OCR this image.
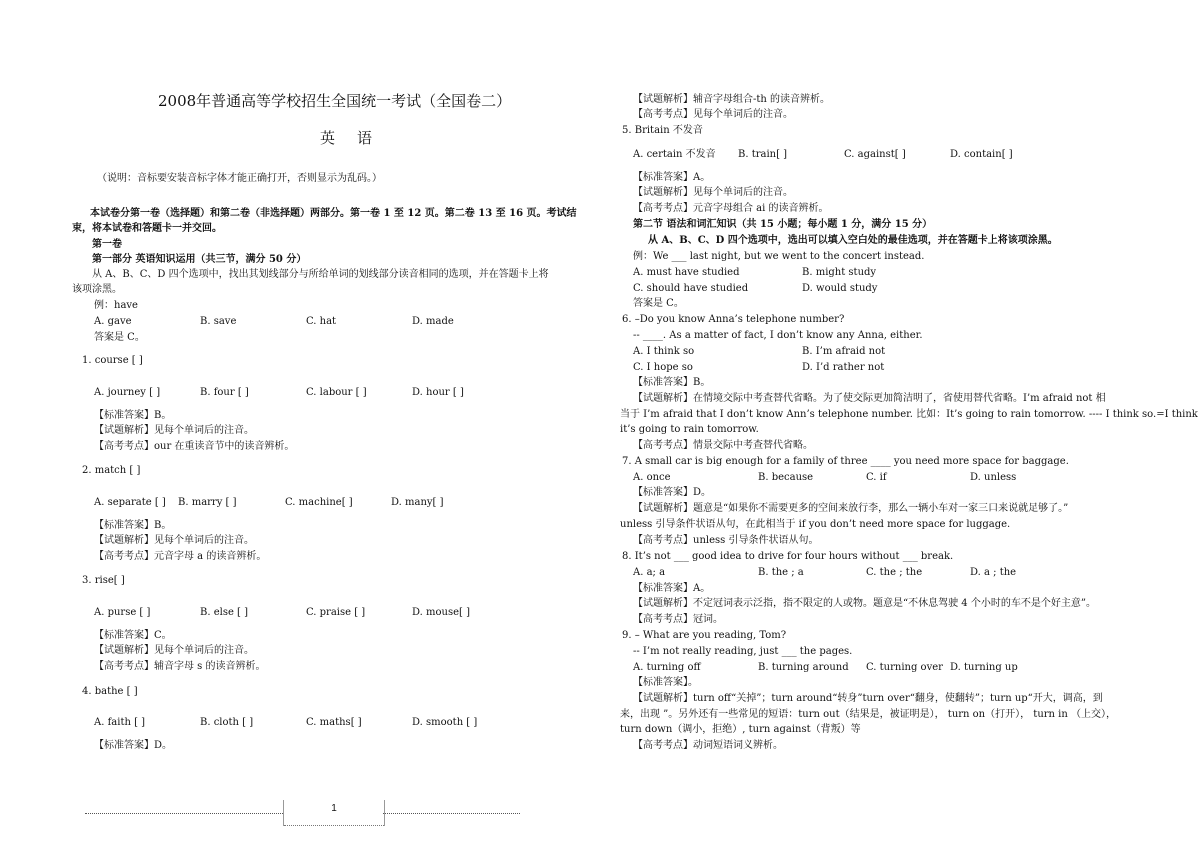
2008年普通高等学校招生全国统一考试（全国卷二）
英语
（说明：音标要安装音标字体才能正确打开，否则显示为乱码。）
本试卷分第一卷（选择题）和第二卷（非选择题）两部分。第一卷 1 至 12 页。第二卷 13 至 16 页。考试结
束，将本试卷和答题卡一并交回。
第一卷
第一部分 英语知识运用（共三节，满分 50 分）
从 A、B、C、D 四个选项中，找出其划线部分与所给单词的划线部分读音相同的选项，并在答题卡上将
该项涂黑。
例：have
A. gave	B. save	C. hat	D. made
答案是 C。
1. course [ ]
A. journey [ ]	B. four [ ]	C. labour [ ]	D. hour [ ]
【标准答案】B。
【试题解析】见每个单词后的注音。
【高考考点】our 在重读音节中的读音辨析。
2. match [ ]
A. separate [ ] B. marry [ ]	C. machine[ ]	D. many[ ]
【标准答案】B。
【试题解析】见每个单词后的注音。
【高考考点】元音字母 a 的读音辨析。
3. rise[ ]
A. purse [ ]	B. else [ ]	C. praise [ ]	D. mouse[ ]
【标准答案】C。
【试题解析】见每个单词后的注音。
【高考考点】辅音字母 s 的读音辨析。
4. bathe [ ]
A. faith [ ]	B. cloth [ ]	C. maths[ ]	D. smooth [ ]
【标准答案】D。
【试题解析】辅音字母组合-th 的读音辨析。
【高考考点】见每个单词后的注音。
5. Britain 不发音
A. certain 不发音 B. train[ ]	C. against[ ]	D. contain[ ]
【标准答案】A。
【试题解析】见每个单词后的注音。
【高考考点】元音字母组合 ai 的读音辨析。
第二节 语法和词汇知识（共 15 小题；每小题 1 分，满分 15 分）
从 A、B、C、D 四个选项中，选出可以填入空白处的最佳选项，并在答题卡上将该项涂黑。
例：We ___ last night, but we went to the concert instead.
A. must have studied	B. might study
C. should have studied	D. would study
答案是 C。
6. –Do you know Anna’s telephone number?
-- ____. As a matter of fact, I don’t know any Anna, either.
A. I think so	B. I’m afraid not
C. I hope so	D. I’d rather not
【标准答案】B。
【试题解析】在情境交际中考查替代省略。为了使交际更加简洁明了，省使用替代省略。I’m afraid not 相
当于 I’m afraid that I don’t know Ann’s telephone number. 比如：It’s going to rain tomorrow. ---- I think so.=I think
it’s going to rain tomorrow.
【高考考点】情景交际中考查替代省略。
7. A small car is big enough for a family of three ____ you need more space for baggage.
A. once	B. because	C. if	D. unless
【标准答案】D。
【试题解析】题意是“如果你不需要更多的空间来放行李，那么一辆小车对一家三口来说就足够了。”
unless 引导条件状语从句，在此相当于 if you don’t need more space for luggage.
【高考考点】unless 引导条件状语从句。
8. It’s not ___ good idea to drive for four hours without ___ break.
A. a; a	B. the ; a	C. the ; the	D. a ; the
【标准答案】A。
【试题解析】不定冠词表示泛指，指不限定的人或物。题意是“不休息驾驶 4 个小时的车不是个好主意”。
【高考考点】冠词。
9. – What are you reading, Tom?
-- I’m not really reading, just ___ the pages.
A. turning off	B. turning around C. turning over D. turning up
【标准答案】。
【试题解析】turn off“关掉”；turn around“转身”turn over“翻身，使翻转”；turn up“开大，调高，到
来，出现 ”。另外还有一些常见的短语：turn out（结果是，被证明是）， turn on（打开）， turn in （上交），
turn down（调小，拒绝）, turn against（背叛）等
【高考考点】动词短语词义辨析。
1
